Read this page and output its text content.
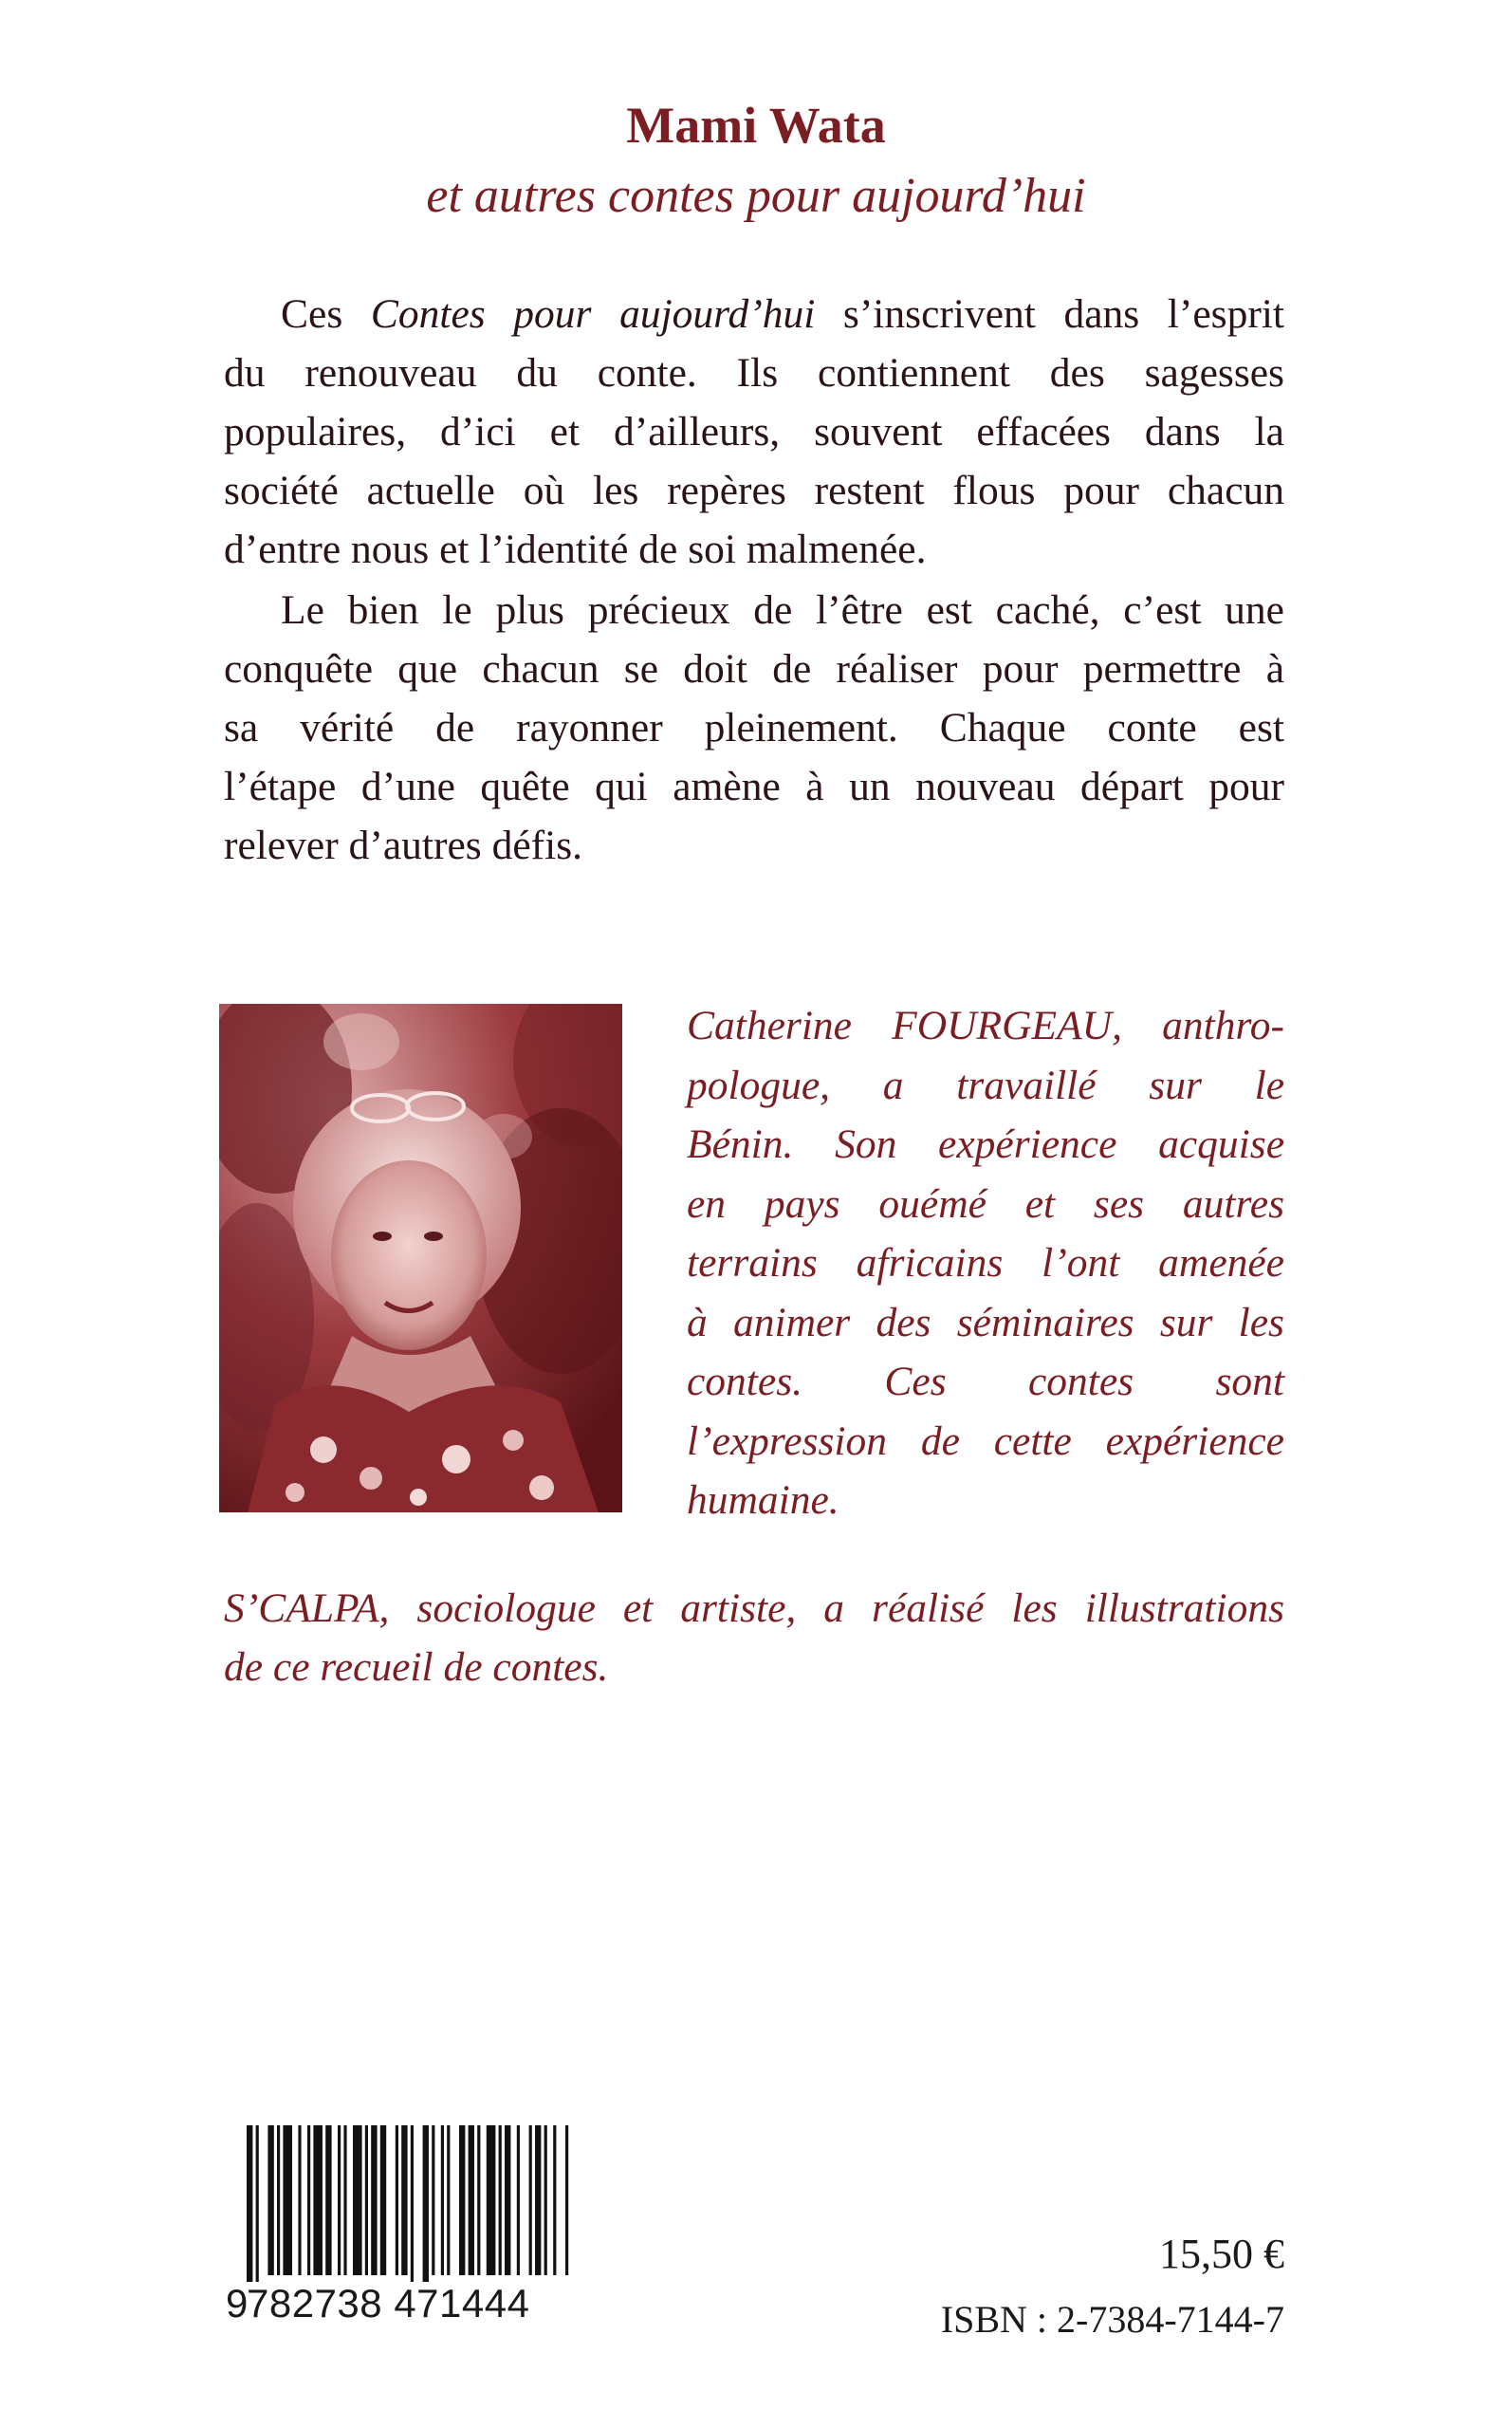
Mami Wata
et autres contes pour aujourd’hui
Ces Contes pour aujourd’hui s’inscrivent dans l’esprit
du renouveau du conte. Ils contiennent des sagesses
populaires, d’ici et d’ailleurs, souvent effacées dans la
société actuelle où les repères restent flous pour chacun
d’entre nous et l’identité de soi malmenée.
Le bien le plus précieux de l’être est caché, c’est une
conquête que chacun se doit de réaliser pour permettre à
sa vérité de rayonner pleinement. Chaque conte est
l’étape d’une quête qui amène à un nouveau départ pour
relever d’autres défis.
Catherine FOURGEAU, anthro-
pologue, a travaillé sur le
Bénin. Son expérience acquise
en pays ouémé et ses autres
terrains africains l’ont amenée
à animer des séminaires sur les
contes. Ces contes sont
l’expression de cette expérience
humaine.
S’CALPA, sociologue et artiste, a réalisé les illustrations
de ce recueil de contes.
9782738 471444
15,50 €
ISBN : 2-7384-7144-7
